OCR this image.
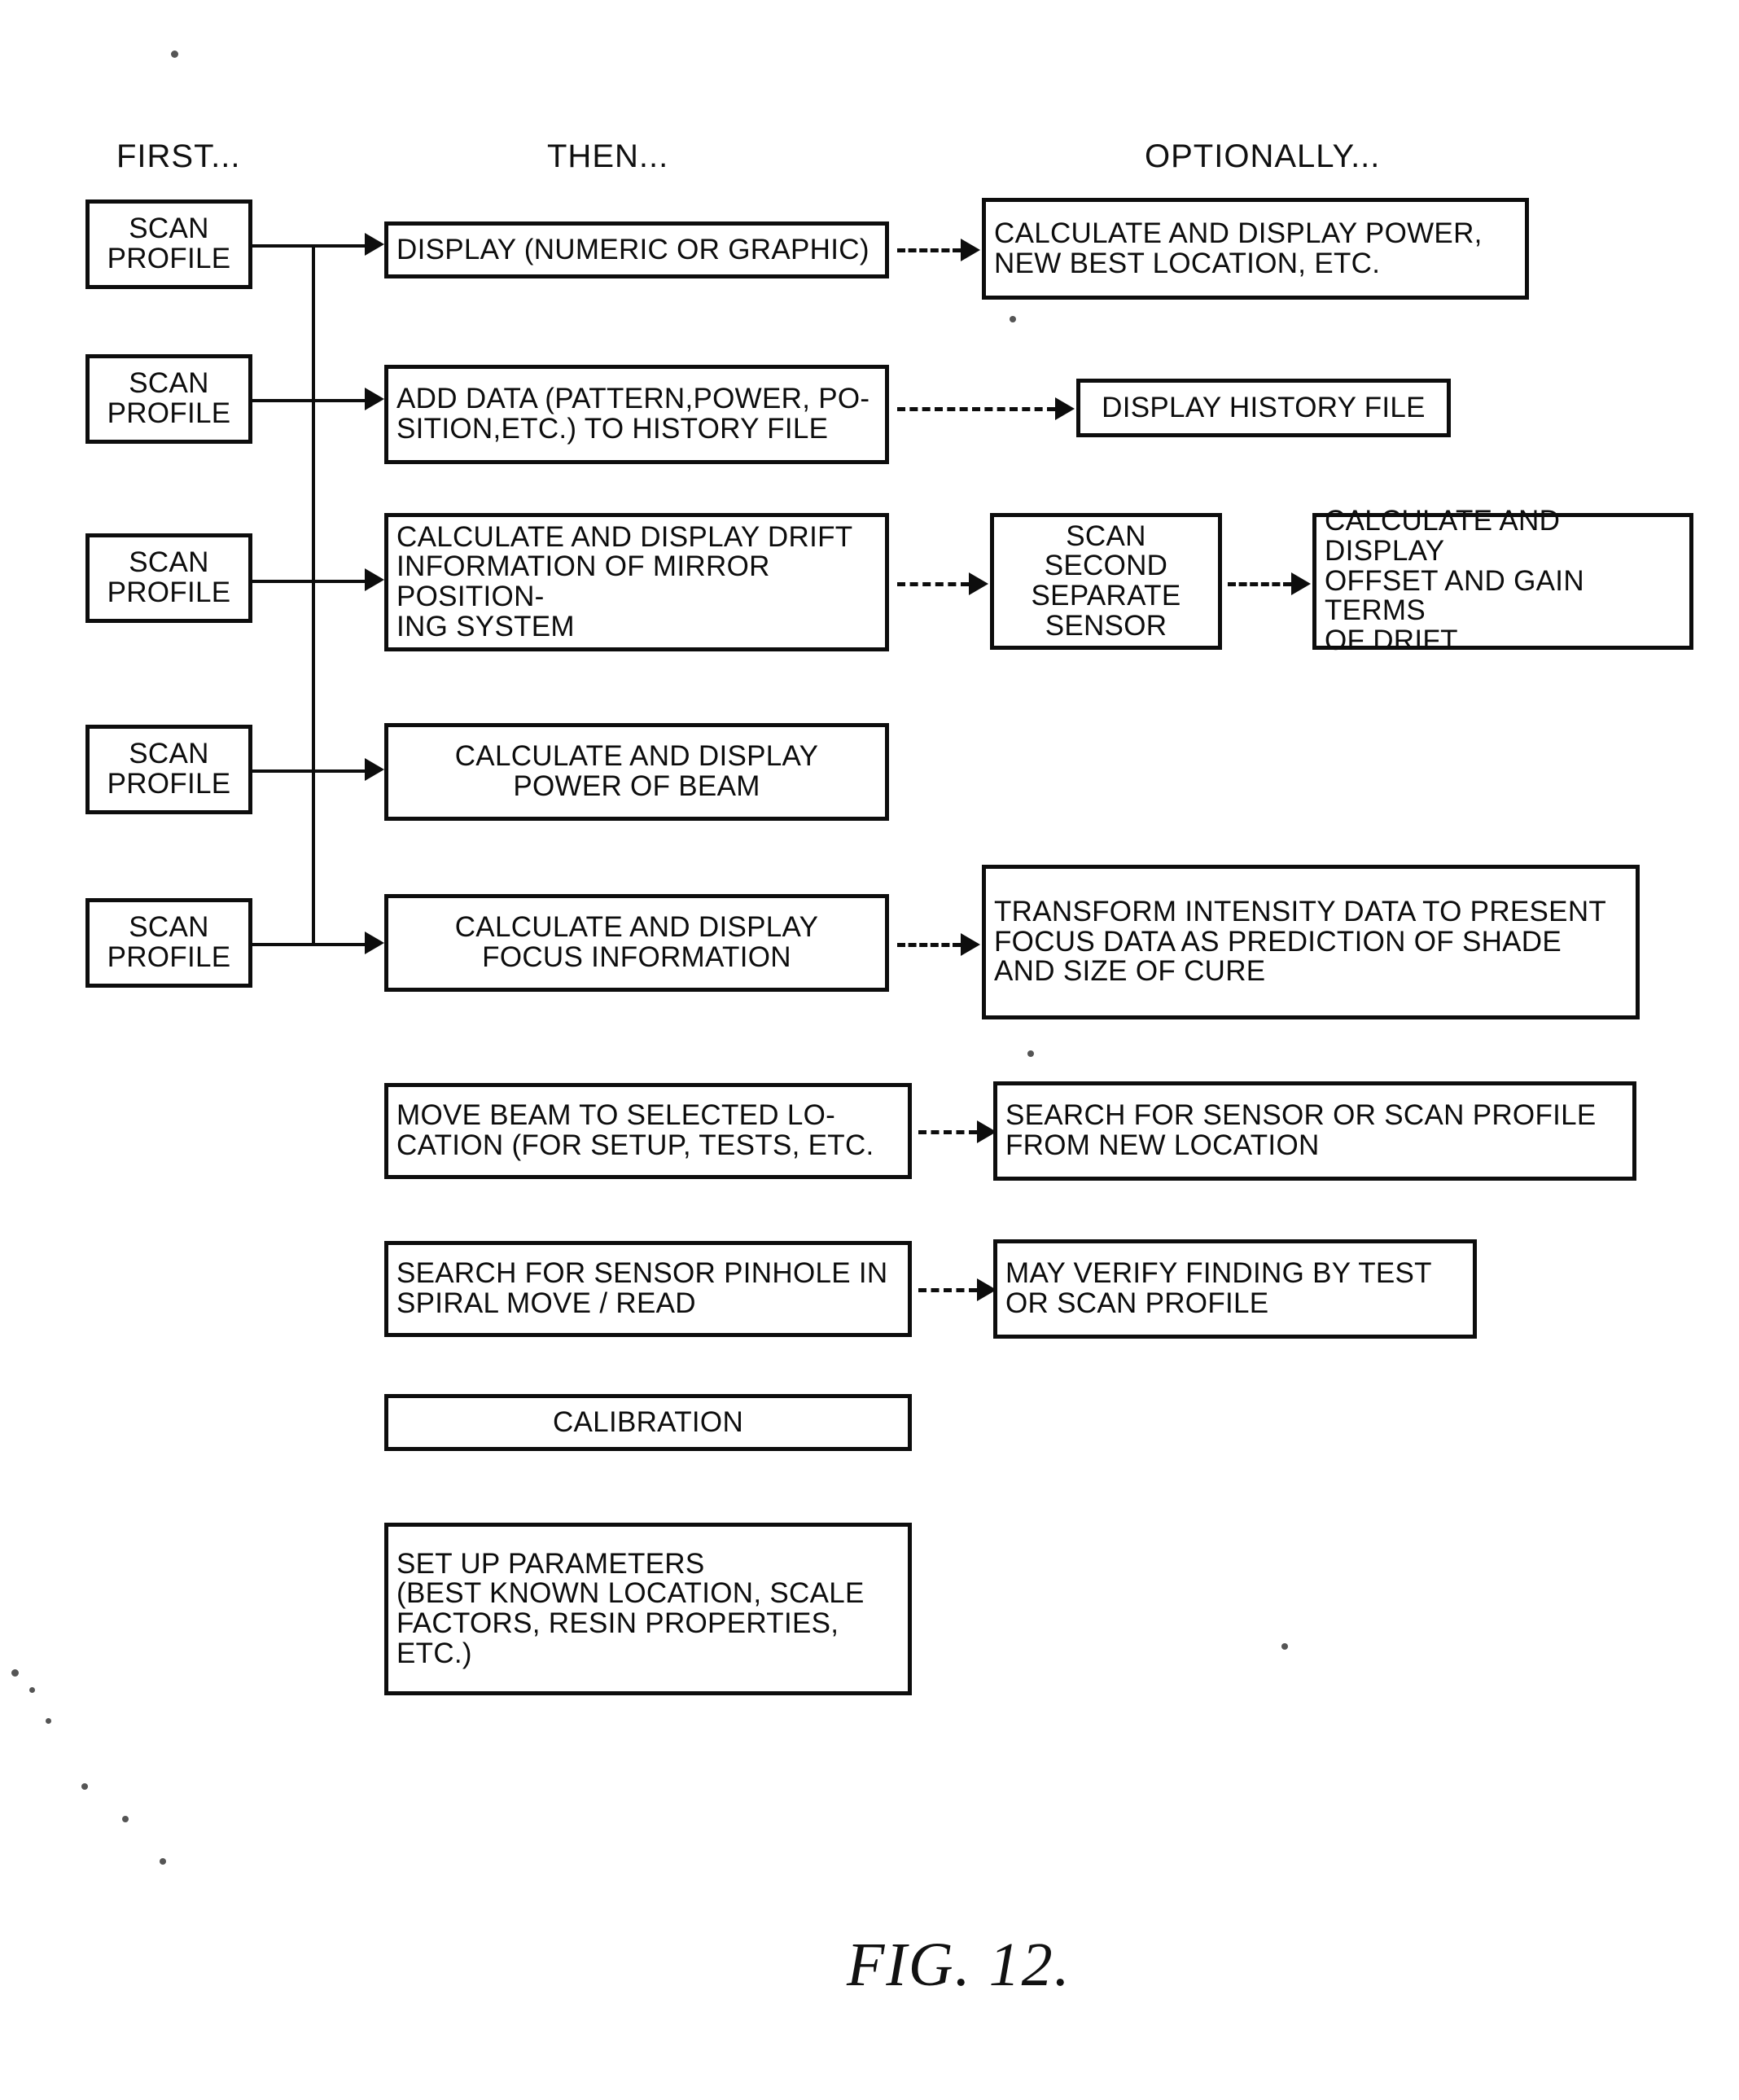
FIRST...	THEN...	OPTIONALLY...
SCAN
PROFILE	DISPLAY (NUMERIC OR GRAPHIC)
CALCULATE AND DISPLAY POWER,
NEW BEST LOCATION, ETC.
SCAN
PROFILE	ADD DATA (PATTERN,POWER, PO-
SITION,ETC.) TO HISTORY FILE
DISPLAY HISTORY FILE
SCAN
PROFILE
CALCULATE AND DISPLAY DRIFT
INFORMATION OF MIRROR POSITION-
ING SYSTEM
SCAN SECOND
SEPARATE
SENSOR
CALCULATE AND DISPLAY
OFFSET AND GAIN TERMS
OF DRIFT
SCAN
PROFILE
CALCULATE AND DISPLAY
POWER OF BEAM
SCAN
PROFILE
CALCULATE AND DISPLAY
FOCUS INFORMATION
TRANSFORM INTENSITY DATA TO PRESENT
FOCUS DATA AS PREDICTION OF SHADE
AND SIZE OF CURE
MOVE BEAM TO SELECTED LO-
CATION (FOR SETUP, TESTS, ETC.
SEARCH FOR SENSOR OR SCAN PROFILE
FROM NEW LOCATION
SEARCH FOR SENSOR PINHOLE IN
SPIRAL MOVE / READ
MAY VERIFY FINDING BY TEST
OR SCAN PROFILE
CALIBRATION
SET UP PARAMETERS
(BEST KNOWN LOCATION, SCALE
FACTORS, RESIN PROPERTIES,
ETC.)
FIG. 12.
